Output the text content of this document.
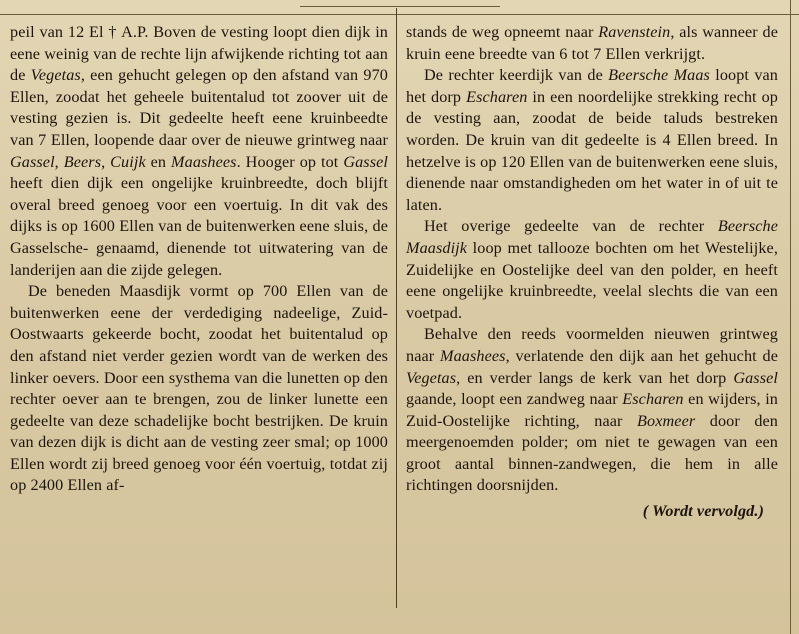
peil van 12 El † A.P. Boven de vesting loopt dien dijk in eene weinig van de rechte lijn afwijkende richting tot aan de Vegetas, een gehucht gelegen op den afstand van 970 Ellen, zoodat het geheele buitentalud tot zoover uit de vesting gezien is. Dit gedeelte heeft eene kruinbeedte van 7 Ellen, loopende daar over de nieuwe grintweg naar Gassel, Beers, Cuijk en Maashees. Hooger op tot Gassel heeft dien dijk een ongelijke kruinbreedte, doch blijft overal breed genoeg voor een voertuig. In dit vak des dijks is op 1600 Ellen van de buitenwerken eene sluis, de Gasselsche- genaamd, dienende tot uitwatering van de landerijen aan die zijde gelegen.

De beneden Maasdijk vormt op 700 Ellen van de buitenwerken eene der verdediging nadeelige, Zuid-Oostwaarts gekeerde bocht, zoodat het buitentalud op den afstand niet verder gezien wordt van de werken des linker oevers. Door een systhema van die lunetten op den rechter oever aan te brengen, zou de linker lunette een gedeelte van deze schadelijke bocht bestrijken. De kruin van dezen dijk is dicht aan de vesting zeer smal; op 1000 Ellen wordt zij breed genoeg voor één voertuig, totdat zij op 2400 Ellen af-

stands de weg opneemt naar Ravenstein, als wanneer de kruin eene breedte van 6 tot 7 Ellen verkrijgt.

De rechter keerdijk van de Beersche Maas loopt van het dorp Escharen in een noordelijke strekking recht op de vesting aan, zoodat de beide taluds bestreken worden. De kruin van dit gedeelte is 4 Ellen breed. In hetzelve is op 120 Ellen van de buitenwerken eene sluis, dienende naar omstandigheden om het water in of uit te laten.

Het overige gedeelte van de rechter Beersche Maasdijk loop met tallooze bochten om het Westelijke, Zuidelijke en Oostelijke deel van den polder, en heeft eene ongelijke kruinbreedte, veelal slechts die van een voetpad.

Behalve den reeds voormelden nieuwen grintweg naar Maashees, verlatende den dijk aan het gehucht de Vegetas, en verder langs de kerk van het dorp Gassel gaande, loopt een zandweg naar Escharen en wijders, in Zuid-Oostelijke richting, naar Boxmeer door den meergenoemden polder; om niet te gewagen van een groot aantal binnen-zandwegen, die hem in alle richtingen doorsnijden.

( Wordt vervolgd.)
